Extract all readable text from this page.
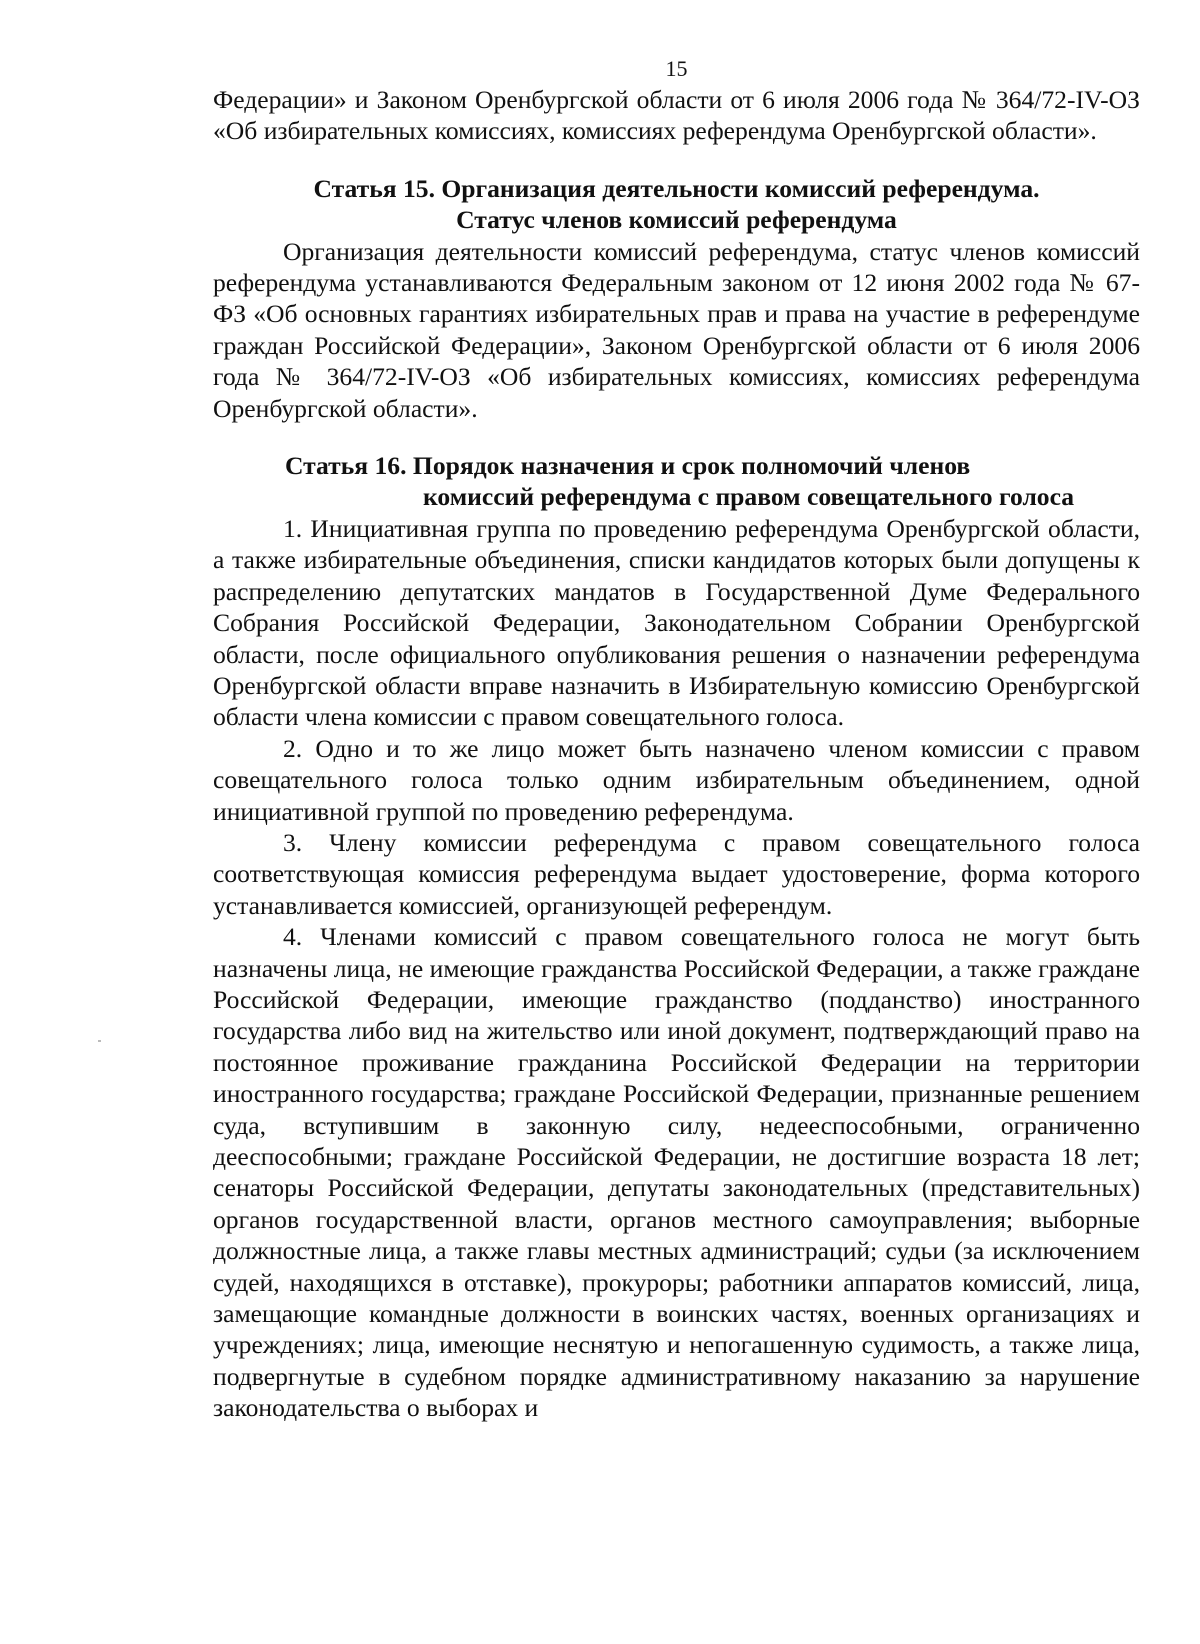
15

Федерации» и Законом Оренбургской области от 6 июля 2006 года № 364/72-IV-ОЗ «Об избирательных комиссиях, комиссиях референдума Оренбургской области».

Статья 15. Организация деятельности комиссий референдума.
Статус членов комиссий референдума

Организация деятельности комиссий референдума, статус членов комиссий референдума устанавливаются Федеральным законом от 12 июня 2002 года № 67-ФЗ «Об основных гарантиях избирательных прав и права на участие в референдуме граждан Российской Федерации», Законом Оренбургской области от 6 июля 2006 года № 364/72-IV-ОЗ «Об избирательных комиссиях, комиссиях референдума Оренбургской области».

Статья 16. Порядок назначения и срок полномочий членов
комиссий референдума с правом совещательного голоса

1. Инициативная группа по проведению референдума Оренбургской области, а также избирательные объединения, списки кандидатов которых были допущены к распределению депутатских мандатов в Государственной Думе Федерального Собрания Российской Федерации, Законодательном Собрании Оренбургской области, после официального опубликования решения о назначении референдума Оренбургской области вправе назначить в Избирательную комиссию Оренбургской области члена комиссии с правом совещательного голоса.

2. Одно и то же лицо может быть назначено членом комиссии с правом совещательного голоса только одним избирательным объединением, одной инициативной группой по проведению референдума.

3. Члену комиссии референдума с правом совещательного голоса соответствующая комиссия референдума выдает удостоверение, форма которого устанавливается комиссией, организующей референдум.

4. Членами комиссий с правом совещательного голоса не могут быть назначены лица, не имеющие гражданства Российской Федерации, а также граждане Российской Федерации, имеющие гражданство (подданство) иностранного государства либо вид на жительство или иной документ, подтверждающий право на постоянное проживание гражданина Российской Федерации на территории иностранного государства; граждане Российской Федерации, признанные решением суда, вступившим в законную силу, недееспособными, ограниченно дееспособными; граждане Российской Федерации, не достигшие возраста 18 лет; сенаторы Российской Федерации, депутаты законодательных (представительных) органов государственной власти, органов местного самоуправления; выборные должностные лица, а также главы местных администраций; судьи (за исключением судей, находящихся в отставке), прокуроры; работники аппаратов комиссий, лица, замещающие командные должности в воинских частях, военных организациях и учреждениях; лица, имеющие неснятую и непогашенную судимость, а также лица, подвергнутые в судебном порядке административному наказанию за нарушение законодательства о выборах и
